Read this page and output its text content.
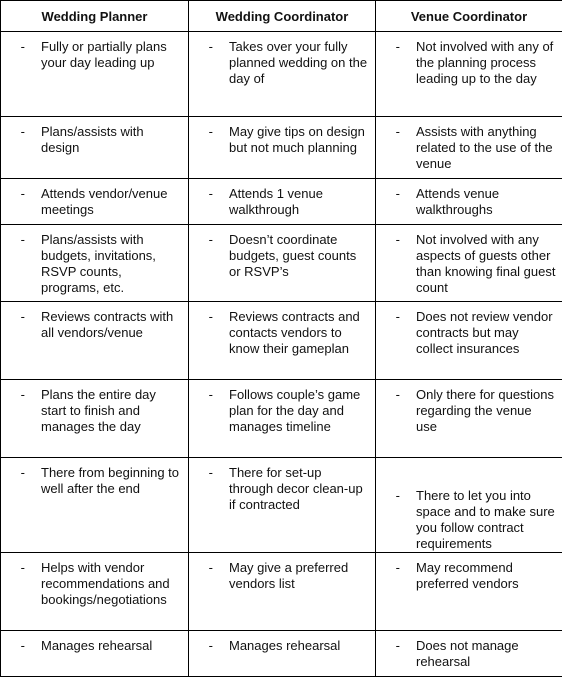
Wedding Planner	Wedding Coordinator	Venue Coordinator

- Fully or partially plans your day leading up	- Takes over your fully planned wedding on the day of	- Not involved with any of the planning process leading up to the day

- Plans/assists with design	- May give tips on design but not much planning	- Assists with anything related to the use of the venue

- Attends vendor/venue meetings	- Attends 1 venue walkthrough	- Attends venue walkthroughs

- Plans/assists with budgets, invitations, RSVP counts, programs, etc.	- Doesn’t coordinate budgets, guest counts or RSVP’s	- Not involved with any aspects of guests other than knowing final guest count

- Reviews contracts with all vendors/venue	- Reviews contracts and contacts vendors to know their gameplan	- Does not review vendor contracts but may collect insurances

- Plans the entire day start to finish and manages the day	- Follows couple’s game plan for the day and manages timeline	- Only there for questions regarding the venue use

- There from beginning to well after the end	- There for set-up through decor clean-up if contracted	- There to let you into space and to make sure you follow contract requirements

- Helps with vendor recommendations and bookings/negotiations	- May give a preferred vendors list	- May recommend preferred vendors

- Manages rehearsal	- Manages rehearsal	- Does not manage rehearsal
